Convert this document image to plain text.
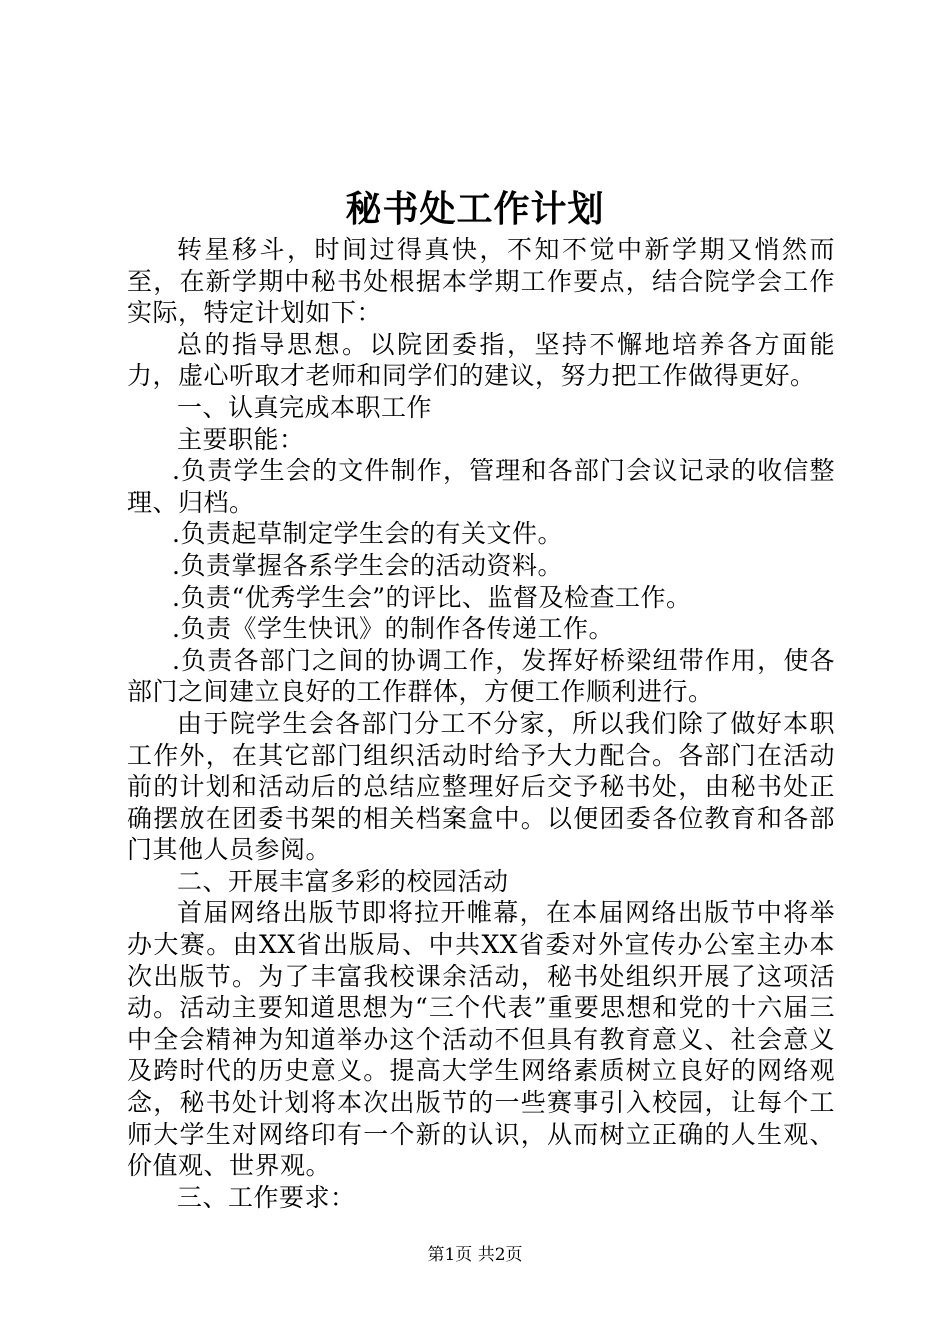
秘书处工作计划

转星移斗，时间过得真快，不知不觉中新学期又悄然而至，在新学期中秘书处根据本学期工作要点，结合院学会工作实际，特定计划如下：

总的指导思想。以院团委指，坚持不懈地培养各方面能力，虚心听取才老师和同学们的建议，努力把工作做得更好。

一、认真完成本职工作

主要职能：

.负责学生会的文件制作，管理和各部门会议记录的收信整理、归档。

.负责起草制定学生会的有关文件。

.负责掌握各系学生会的活动资料。

.负责“优秀学生会”的评比、监督及检查工作。

.负责《学生快讯》的制作各传递工作。

.负责各部门之间的协调工作，发挥好桥梁纽带作用，使各部门之间建立良好的工作群体，方便工作顺利进行。

由于院学生会各部门分工不分家，所以我们除了做好本职工作外，在其它部门组织活动时给予大力配合。各部门在活动前的计划和活动后的总结应整理好后交予秘书处，由秘书处正确摆放在团委书架的相关档案盒中。以便团委各位教育和各部门其他人员参阅。

二、开展丰富多彩的校园活动

首届网络出版节即将拉开帷幕，在本届网络出版节中将举办大赛。由XX省出版局、中共XX省委对外宣传办公室主办本次出版节。为了丰富我校课余活动，秘书处组织开展了这项活动。活动主要知道思想为“三个代表”重要思想和党的十六届三中全会精神为知道举办这个活动不但具有教育意义、社会意义及跨时代的历史意义。提高大学生网络素质树立良好的网络观念，秘书处计划将本次出版节的一些赛事引入校园，让每个工师大学生对网络印有一个新的认识，从而树立正确的人生观、价值观、世界观。

三、工作要求：

第1页 共2页
